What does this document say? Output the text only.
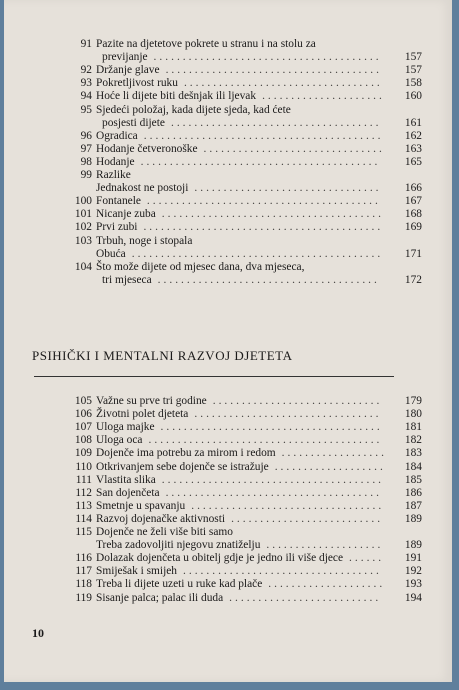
91 Pazite na djetetove pokrete u stranu i na stolu za
previjanje .......................................	157
92 Držanje glave .....................................	157
93 Pokretljivost ruku ..................................	158
94 Hoće li dijete biti dešnjak ili ljevak .....................	160
95 Sjedeći položaj, kada dijete sjeda, kad ćete
posjesti dijete ....................................	161
96 Ogradica .........................................	162
97 Hodanje četveronoške ...............................	163
98 Hodanje .........................................	165
99 Razlike
Jednakost ne postoji ................................	166
100 Fontanele ........................................	167
101 Nicanje zuba ......................................	168
102 Prvi zubi .........................................	169
103 Trbuh, noge i stopala
Obuća ...........................................	171
104 Što može dijete od mjesec dana, dva mjeseca,
tri mjeseca ......................................	172
PSIHIČKI I MENTALNI RAZVOJ DJETETA
105 Važne su prve tri godine .............................	179
106 Životni polet djeteta ................................	180
107 Uloga majke ......................................	181
108 Uloga oca ........................................	182
109 Dojenče ima potrebu za mirom i redom ..................	183
110 Otkrivanjem sebe dojenče se istražuje ...................	184
111 Vlastita slika ......................................	185
112 San dojenčeta .....................................	186
113 Smetnje u spavanju .................................	187
114 Razvoj dojenačke aktivnosti ..........................	189
115 Dojenče ne želi više biti samo
Treba zadovoljiti njegovu znatiželju ....................	189
116 Dolazak dojenčeta u obitelj gdje je jedno ili više djece ......	191
117 Smiješak i smijeh ..................................	192
118 Treba li dijete uzeti u ruke kad plače ....................	193
119 Sisanje palca; palac ili duda ..........................	194
10
